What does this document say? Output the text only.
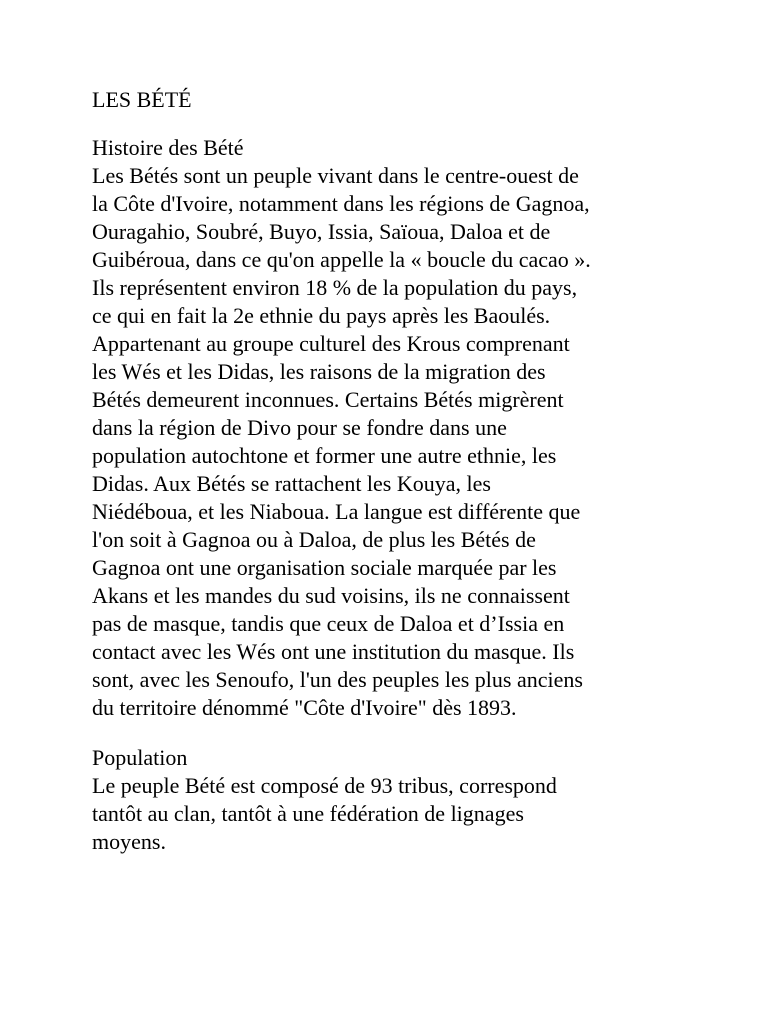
LES BÉTÉ
Histoire des Bété
Les Bétés sont un peuple vivant dans le centre-ouest de
la Côte d'Ivoire, notamment dans les régions de Gagnoa,
Ouragahio, Soubré, Buyo, Issia, Saïoua, Daloa et de
Guibéroua, dans ce qu'on appelle la « boucle du cacao ».
Ils représentent environ 18 % de la population du pays,
ce qui en fait la 2e ethnie du pays après les Baoulés.
Appartenant au groupe culturel des Krous comprenant
les Wés et les Didas, les raisons de la migration des
Bétés demeurent inconnues. Certains Bétés migrèrent
dans la région de Divo pour se fondre dans une
population autochtone et former une autre ethnie, les
Didas. Aux Bétés se rattachent les Kouya, les
Niédéboua, et les Niaboua. La langue est différente que
l'on soit à Gagnoa ou à Daloa, de plus les Bétés de
Gagnoa ont une organisation sociale marquée par les
Akans et les mandes du sud voisins, ils ne connaissent
pas de masque, tandis que ceux de Daloa et d’Issia en
contact avec les Wés ont une institution du masque. Ils
sont, avec les Senoufo, l'un des peuples les plus anciens
du territoire dénommé "Côte d'Ivoire" dès 1893.
Population
Le peuple Bété est composé de 93 tribus, correspond
tantôt au clan, tantôt à une fédération de lignages
moyens.
